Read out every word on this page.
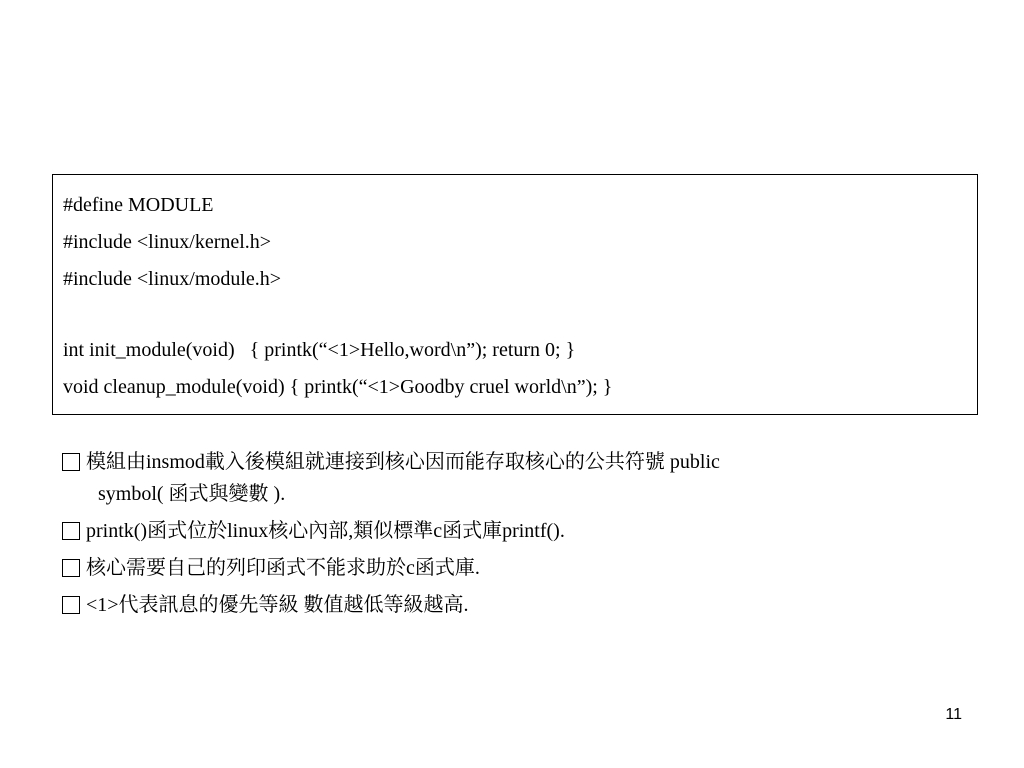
#define MODULE
#include <linux/kernel.h>
#include <linux/module.h>
int init_module(void)   { printk(“<1>Hello,word\n”); return 0; }
void cleanup_module(void) { printk(“<1>Goodby cruel world\n”); }
模組由insmod載入後模組就連接到核心因而能存取核心的公共符號 public
symbol( 函式與變數 ).
printk()函式位於linux核心內部,類似標準c函式庫printf().
核心需要自己的列印函式不能求助於c函式庫.
<1>代表訊息的優先等級 數值越低等級越高.
11
